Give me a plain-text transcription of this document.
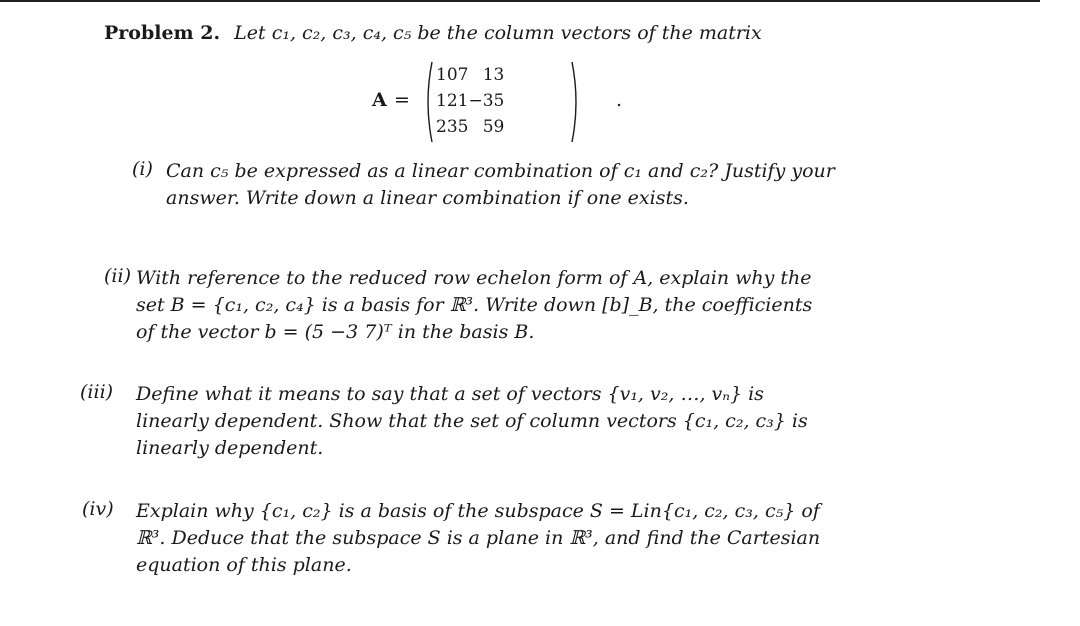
Problem 2. Let c₁, c₂, c₃, c₄, c₅ be the column vectors of the matrix
A =
1	0	7	1	3
1	2	1	−3	5
2	3	5	5	9
.
(i) Can c₅ be expressed as a linear combination of c₁ and c₂? Justify your
answer. Write down a linear combination if one exists.
(ii) With reference to the reduced row echelon form of A, explain why the
set B = {c₁, c₂, c₄} is a basis for ℝ³. Write down [b]_B, the coefficients
of the vector b = (5 −3 7)ᵀ in the basis B.
(iii) Define what it means to say that a set of vectors {v₁, v₂, …, vₙ} is
linearly dependent. Show that the set of column vectors {c₁, c₂, c₃} is
linearly dependent.
(iv) Explain why {c₁, c₂} is a basis of the subspace S = Lin{c₁, c₂, c₃, c₅} of
ℝ³. Deduce that the subspace S is a plane in ℝ³, and find the Cartesian
equation of this plane.
